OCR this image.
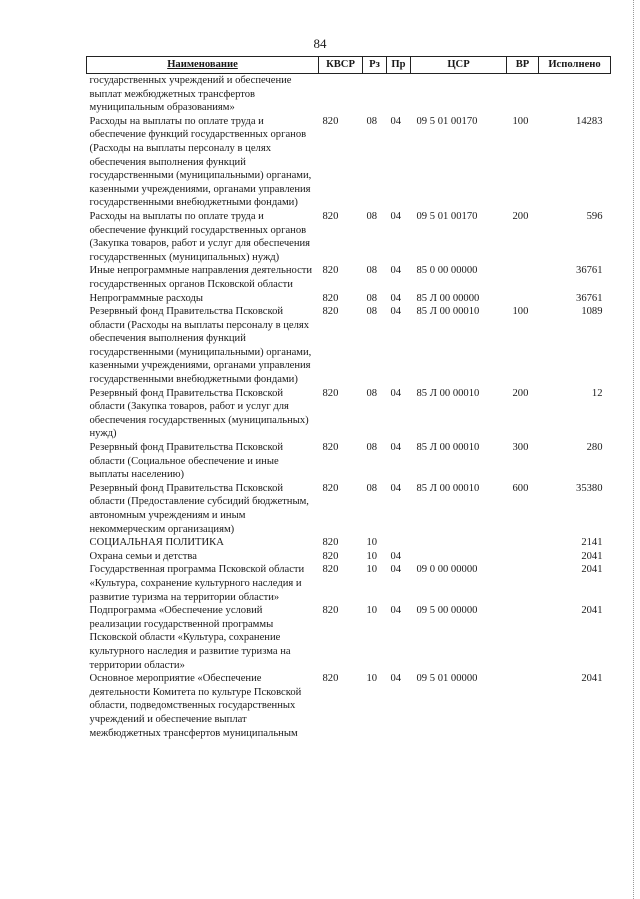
84
Наименование	КВСР	Рз	Пр	ЦСР	ВР	Исполнено
государственных учреждений и обеспечение выплат межбюджетных трансфертов муниципальным образованиям»						
Расходы на выплаты по оплате труда и обеспечение функций государственных органов (Расходы на выплаты персоналу в целях обеспечения выполнения функций государственными (муниципальными) органами, казенными учреждениями, органами управления государственными внебюджетными фондами)	820	08	04	09 5 01 00170	100	14283
Расходы на выплаты по оплате труда и обеспечение функций государственных органов (Закупка товаров, работ и услуг для обеспечения государственных (муниципальных) нужд)	820	08	04	09 5 01 00170	200	596
Иные непрограммные направления деятельности государственных органов Псковской области	820	08	04	85 0 00 00000		36761
Непрограммные расходы	820	08	04	85 Л 00 00000		36761
Резервный фонд Правительства Псковской области (Расходы на выплаты персоналу в целях обеспечения выполнения функций государственными (муниципальными) органами, казенными учреждениями, органами управления государственными внебюджетными фондами)	820	08	04	85 Л 00 00010	100	1089
Резервный фонд Правительства Псковской области (Закупка товаров, работ и услуг для обеспечения государственных (муниципальных) нужд)	820	08	04	85 Л 00 00010	200	12
Резервный фонд Правительства Псковской области (Социальное обеспечение и иные выплаты населению)	820	08	04	85 Л 00 00010	300	280
Резервный фонд Правительства Псковской области (Предоставление субсидий бюджетным, автономным учреждениям и иным некоммерческим организациям)	820	08	04	85 Л 00 00010	600	35380
СОЦИАЛЬНАЯ ПОЛИТИКА	820	10				2141
Охрана семьи и детства	820	10	04			2041
Государственная программа Псковской области «Культура, сохранение культурного наследия и развитие туризма на территории области»	820	10	04	09 0 00 00000		2041
Подпрограмма «Обеспечение условий реализации государственной программы Псковской области «Культура, сохранение культурного наследия и развитие туризма на территории области»	820	10	04	09 5 00 00000		2041
Основное мероприятие «Обеспечение деятельности Комитета по культуре Псковской области, подведомственных государственных учреждений и обеспечение выплат межбюджетных трансфертов муниципальным	820	10	04	09 5 01 00000		2041
